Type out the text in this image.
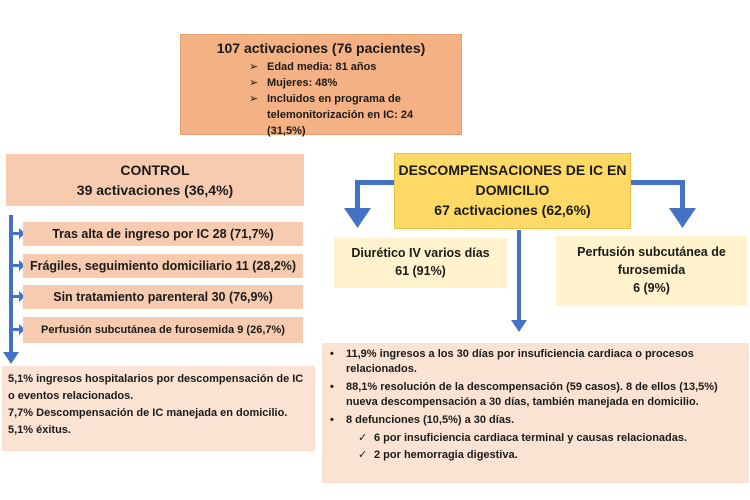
107 activaciones (76 pacientes)
➢ Edad media: 81 años
➢ Mujeres: 48%
➢ Incluidos en programa de telemonitorización en IC: 24 (31,5%)
CONTROL
39 activaciones (36,4%)
DESCOMPENSACIONES DE IC EN
DOMICILIO
67 activaciones (62,6%)
Tras alta de ingreso por IC 28 (71,7%)
Frágiles, seguimiento domiciliario 11 (28,2%)
Sin tratamiento parenteral 30 (76,9%)
Perfusión subcutánea de furosemida 9 (26,7%)
Diurético IV varios días
61 (91%)
Perfusión subcutánea de
furosemida
6 (9%)
5,1% ingresos hospitalarios por descompensación de IC o eventos relacionados.
7,7% Descompensación de IC manejada en domicilio.
5,1% éxitus.
• 11,9% ingresos a los 30 días por insuficiencia cardiaca o procesos relacionados.
• 88,1% resolución de la descompensación (59 casos). 8 de ellos (13,5%) nueva descompensación a 30 días, también manejada en domicilio.
• 8 defunciones (10,5%) a 30 días.
✓ 6 por insuficiencia cardiaca terminal y causas relacionadas.
✓ 2 por hemorragia digestiva.
